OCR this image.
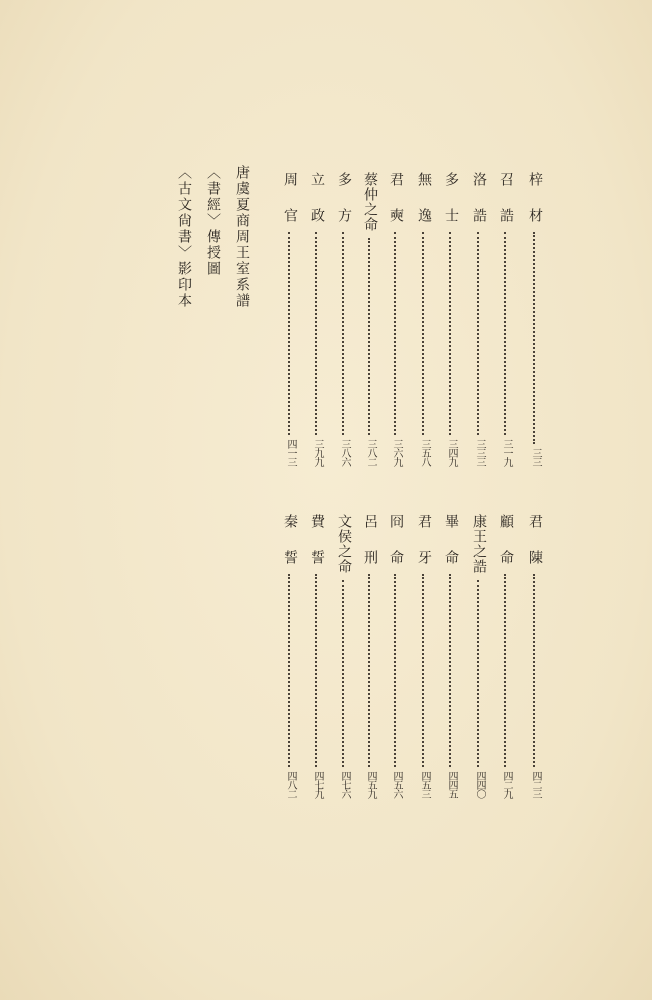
梓　材
三三
召　誥
三一九
洛　誥
三三三
多　士
三四九
無　逸
三五八
君　奭
三六九
蔡仲之命
三八二
多　方
三八六
立　政
三九九
周　官
四一三
君　陳
四二三
顧　命
四二九
康王之誥
四四〇
畢　命
四四五
君　牙
四五三
冏　命
四五六
呂　刑
四五九
文侯之命
四七六
費　誓
四七九
秦　誓
四八二
唐虞夏商周王室系譜
〈書經〉傳授圖
〈古文尙書〉影印本
